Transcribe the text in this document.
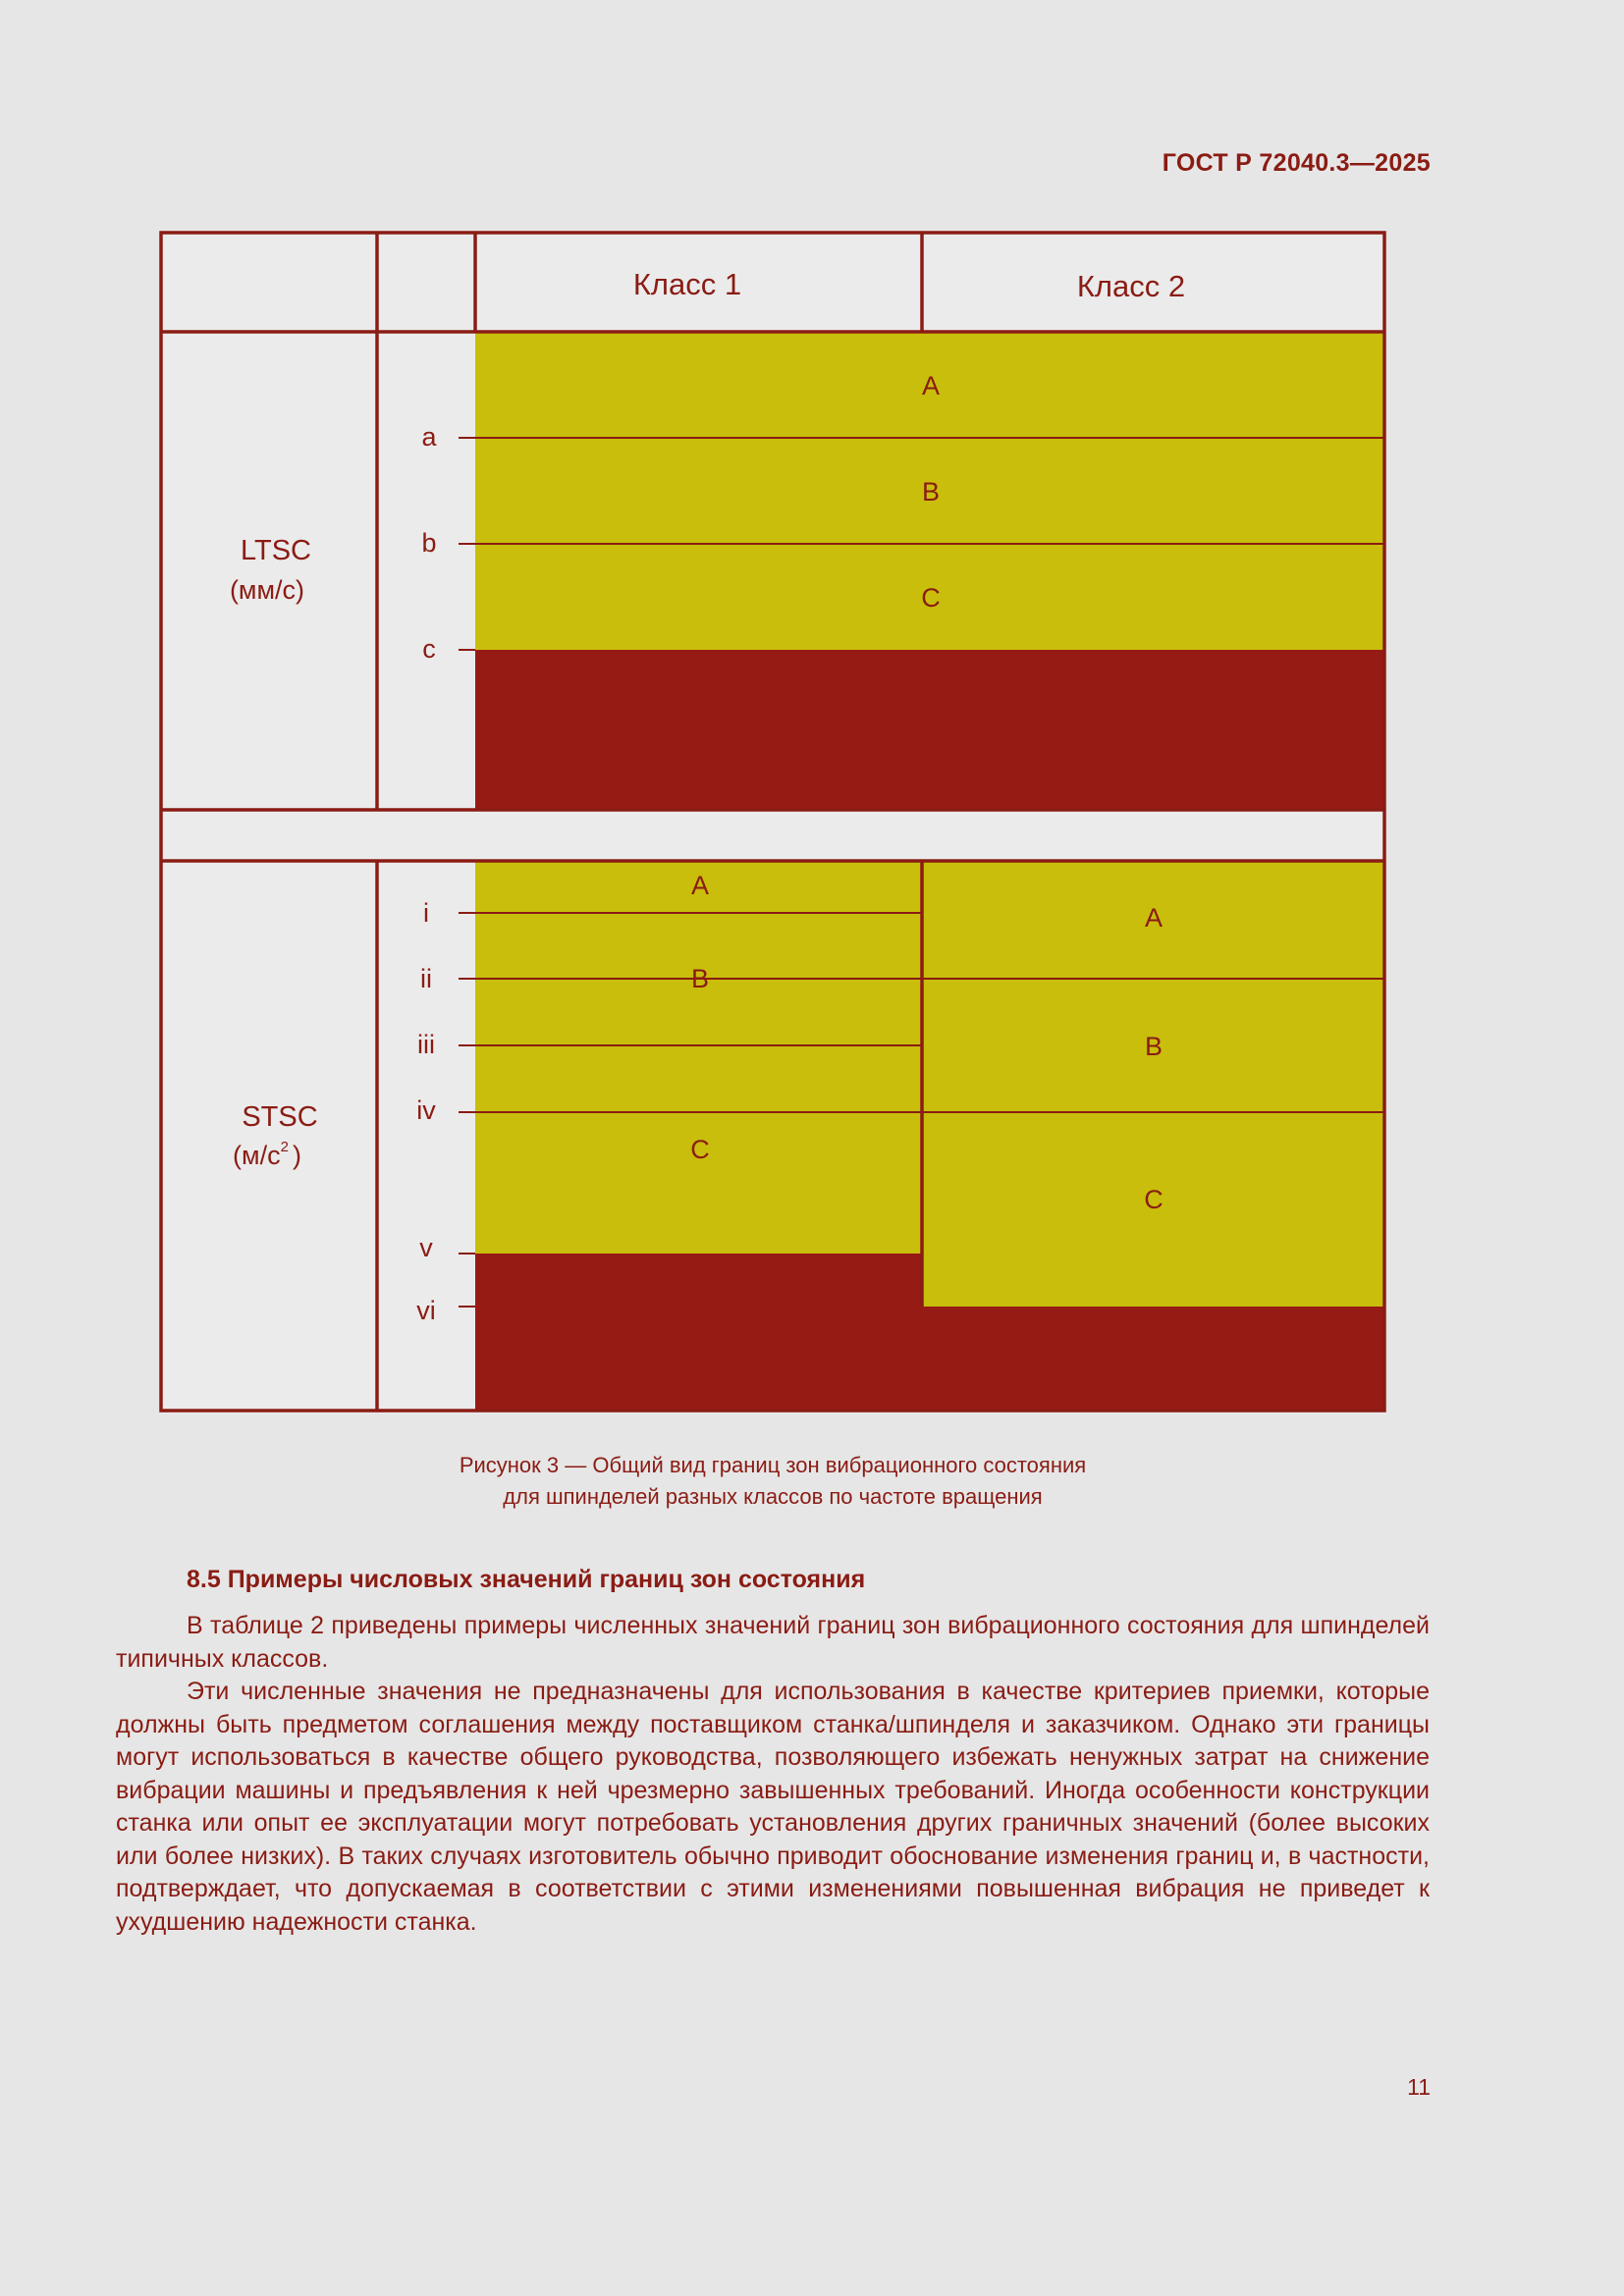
ГОСТ Р 72040.3—2025
Класс 1	Класс 2
LTSC
(мм/с)
a
b
c
A
B
C
STSC
($м/с^2$ )
i
ii
iii
iv
v
vi
A
B
C
A
B
C
Рисунок 3 — Общий вид границ зон вибрационного состояния
для шпинделей разных классов по частоте вращения
8.5 Примеры числовых значений границ зон состояния

В таблице 2 приведены примеры численных значений границ зон вибрационного состояния для шпинделей типичных классов.

Эти численные значения не предназначены для использования в качестве критериев приемки, которые должны быть предметом соглашения между поставщиком станка/шпинделя и заказчиком. Однако эти границы могут использоваться в качестве общего руководства, позволяющего избежать ненужных затрат на снижение вибрации машины и предъявления к ней чрезмерно завышенных требований. Иногда особенности конструкции станка или опыт ее эксплуатации могут потребовать установления других граничных значений (более высоких или более низких). В таких случаях изготовитель обычно приводит обоснование изменения границ и, в частности, подтверждает, что допускаемая в соответствии с этими изменениями повышенная вибрация не приведет к ухудшению надежности станка.

11
